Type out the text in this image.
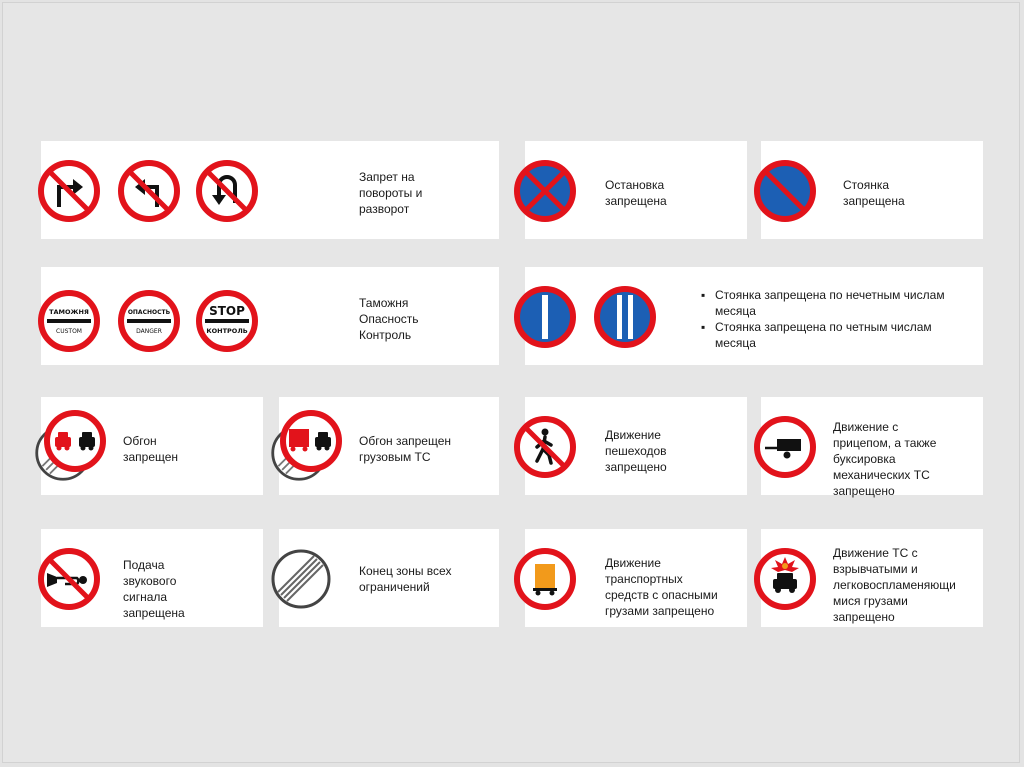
Запрет на
повороты и
разворот
Остановка
запрещена
Стоянка
запрещена
ТАМОЖНЯ
CUSTOM
ОПАСНОСТЬ
DANGER
STOP
КОНТРОЛЬ
Таможня
Опасность
Контроль
▪ Стоянка запрещена по нечетным числам месяца
▪ Стоянка запрещена по четным числам месяца
Обгон
запрещен
Обгон запрещен
грузовым ТС
Движение
пешеходов
запрещено
Движение с
прицепом, а также
буксировка
механических ТС
запрещено
Подача
звукового
сигнала
запрещена
Конец зоны всех
ограничений
Движение
транспортных
средств с опасными
грузами запрещено
Движение ТС с
взрывчатыми и
легковоспламеняющи
мися грузами
запрещено
